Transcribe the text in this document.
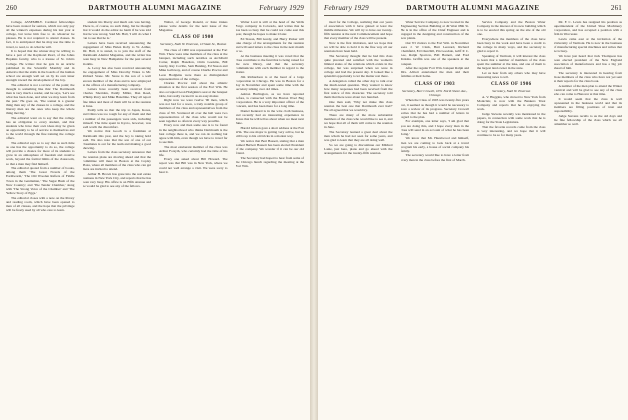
DARTMOUTH ALUMNI MAGAZINE
260	February 1929

College, ASSEMBLY. Cardinal fellowships have been created for seniors, which not only pay all the winner's expenses during his last year at college, but leave him free to do whatever he pleases. He is not required to attend classes. In fact, it is anticipated that he may use the time to travel, to read, to do what he will.

It is hoped that the winner may be willing to have a part of the Raymond Pearl, of the Johns Hopkins faculty, who is a trustee of St. John's College. He writes: that he gets in an article published in the Scientific Monthly and in America that the stalls in the boards of the human school are enough well set on by its own inner strength toward the development of the boy.

The editorial is not a review of the point; the thought is something like this: The Dartmouth man is very much a reader, and he says, 'Let's see what has been done, and what we may learn from the past.' He goes on, 'The sonnet is a greater thing than any of the classes in a college, and the literary men are the ones who keep the whole thing moving.'

The editorial went on to say that the college has an obligation to every student, and that students who have their own ideas may be given an opportunity to be of service to themselves and to the world through the fine training the college offers.

The editorial says so to say that as such time as one has the opportunity to do so, the college will provide a chance for more of its students to grow in an atmosphere of freedom and creative work, beyond the formal limits of the classroom, so that a man may find himself.

The editorial quoted from a number of books, among them 'The Great Novels of the Earthworm,' 'The Old Wooden Rafters of Fiddle Town in the Gentleman,' 'The Sugar Bush of the New Country,' and 'The Tender Chamber,' along with 'The Strong Voice of the Chamber' and 'The Yellow Story of Eggs.'

The editorial closes with a note on the library and reading room, which have been opened to men of all classes, and the hope that the privilege will be freely used by all who care to learn.

student his liberty and much ado was having. There is, of course, no such thing, but he thought that it would do the editor no harm if he was told that he was wrong. Said Mr. Hall, 'I will do what I can to see that he is.'

Letters have been received announcing the engagement of Miss Helen Roby to W. Arthur, Mr. Hall, it is stated, is to join the staff of the Dartmouth Alumni Magazine, and the writer has been busy in New Hampshire for the past several months.

A. Leroy has also been received announcing the engagement of Miss Dorothy Wales to Mr. Richard Stone. Mr. Stone is the son of a well known member of the class and is now employed in the offices of a manufacturing company.

Letters have recently been received from Charles Sheridan, Paddy Miller, Dan Reed, Whimp Perry and Mike Hazeltine. They all report fine times and most of them will be at the reunion in June.

Paddy tells us that the trip to Japan, Korea, and China was too rough for any of them and that a number of the passengers were sick, including himself. The time spent in Kyoto, however, was well worth the discomfort.

We notice that Gooch is a freshman at Dartmouth this year, and the boy is taking hold well. We also note that the son of one of our classmates is out for the team and making a good showing.

Letters from the class secretary announce that the reunion plans are moving ahead and that the committee will meet in Boston at the Copley Plaza, where all members of the class who can get there are invited to attend.

Arthur H. Brown has gone into the real estate business in New York City, and reports that he has been very busy. His office is on Fifth Avenue and he would be glad to see any of the fellows.

Walter, of George Ronald, or Kate Oakes please write details for the next issue of the Magazine.

CLASS OF 1900

Secretary, Nath W. Emerson, 10 State St., Boston

The class of 1900 was represented at the Fort Wm. There were nine members of the class at the banquet, including such notables as Archibald Carter, Ralph Hazelton, Orrin Gookins, Bill Gurdy, Ray Coville, Sam Bunting, Ed Sisson and Mike Galloway, and of course Charlie Proctor and Leon Hodgkins were there as distinguished representatives of the college.

Charles Proctor told about the athletic situation at the first session of the Fort Wm. He also occupied Leon Hodgkins's seat at the banquet table, but really vacated it as an easy matter.

Right now we were twelve '00 men, which was not bad for a noon, a truly notable group of members of the class and representatives from the class of '00. Scattered all over the hall were two representatives of the class who would not be seen together so often in every way possible.

Every now and then some one is to be found in the neighborhood who thinks Dartmouth is the best college there is, and we can do nothing but agree with him, even though we have to travel far to see him.

The most exuberant member of the class was Arthur Forsyth, who certainly had the time of his life.

Every one asked about Bill Howard. The report was that Bill was in New York, where we could not well arrange a visit. We were sorry to hear it.

Walter Lord is still at the head of the Wells Fargo company in Colorado, and writes that he has been so busy that he could not come east this year, though he hopes to make it later.

Ed Sisson, Bill Gurdy, and Harry Parker will take charge of the arrangements for the reunion and will send letters to the class in the next month or so.

At the business meeting it was voted that the class contribute to the fund that is being raised for the new library, and that the secretary communicate with each member in regard to the matter.

Jim Richardson is at the head of a large corporation in Chicago. He was in Boston for a day in November and spent some time with the secretary talking over old times.

Ashton Burlington, as we have reported before, is connected with the Boston Wool Bag Corporation. He is a very important officer of the concern, and has been there for a long time.

Daniel Kennard is in the wire cloth business, and recently had an interesting experience in Texas that he will tell us about when we meet next June.

Harold Gibson gave a short address at the Fort Wm. The one major is getting very active, but he still is up to his old tricks in a modest way.

We notice that Bert Bassett, stating that a man named Herbert Bassett has been elected President of the company. We wonder if it can be our old friend.

The Secretary had hoped to hear from some of the Chicago bunch regarding the meeting at the Fort Wm.

February 1929	DARTMOUTH ALUMNI MAGAZINE	261

tised for the College, realizing that our years of association with it have gained at least the middle milestone. We will try to have our twenty-fifth reunion at the next Commencement and hope that every member of the class will be present.

Now is the first invitation, and we hope that we will be able to hold it in the fine way all our reunions have been held.

The Secretary thought that he had this class quite placated and satisfied with the women's limited status of the relations which exists in the college, but was surprised when we were in college and had the present day. It looked like a splendid opportunity to let the matter rest there.

A delegation called the other day to talk over the much-tested question. They wanted to know how many responses had been received from the first notice of this character. The secretary told them that there were about two hundred.

One man said, 'Why not make this class reunion the best one that Dartmouth ever had?' We all agreed that we would try.

There are many of the more substantial members of the class who would like to see it, and we hope that all of them will come to the reunion in June.

The Secretary learned a great deal about the men whom he had not seen for some years, and was glad to learn that they are all doing well.

So we are going to discontinue our Mildred Lanie, just here, plans and go ahead with the arrangements for the twenty-fifth reunion.

Water Service Company, is now located in the Engineering Section Building at 49 West 68th St. He is in the office of the Chief Engineer and is engaged in the designing and construction of the new plants.

Our '03 visitors to the Fort Wm. in November were J. W. Clark, Burt Leonard, Richard Chamfield, Ed Churchill, Pin Goodale, Griff P. C. Lee, Ralph Sparrow, Bill Barnett, and Fred Perkins. Griffin was one of the speakers at the banquet.

After the regular Fort Wm. banquet Ralph and Mrs. Abbott entertained the men and their families at their home.

CLASS OF 1903

Secretary, Burt Crowell, 1051 North Shore Ave., Chicago

When the Class of 1903 was twenty-five years out, it seemed as though it would be necessary to have a review of its progress. Secretary Crowell writes that he has had a number of letters in regard to the plan.

For example, one letter says, 'I am glad that you are doing this, and I hope every man in the class will send in an account of what he has been doing.'

We know that Mr. Hazelwood and himself, then we are coming to look back at a travel program his early, a house of social company his family.

The secretary would like to have a letter from every man in the class before the first of March.

Service Company and the Boston Water Company in the interest of its new building which is to be erected this spring on the site of the old one.

Everywhere the members of the class have been busy in the work and have been a credit to the college in many ways, and the secretary is glad to report it.

Speaking of Vermont, it will interest the class to learn that a number of members of the class spent the summer at the lake, and one of them is the largest land owner in the state.

Let us hear from any others who may have interesting news to tell.

CLASS OF 1906

Secretary, Nath W. Emerson

A. V. Huggins, who moved to New York from Montclair, is now with the Bankers Trust Company and reports that he is enjoying the work.

Judge Stevens recently was mentioned in the papers, in connection with some work that he is doing for the State Legislature.

That the favorite records come from the class is very interesting, and we hope that it will continue to be so for many years.

Mr. F. C. Lewis has resigned his position as superintendent of the United Shoe Machinery Corporation, and has accepted a position with a firm in Worcester.

Lewis came east at the invitation of the University of Vermont. He is now in the business of manufacturing special machines and writes that he is busy.

We have just heard that Jack Thompson has been elected president of the New England association of manufacturers and has a big job ahead of him.

The secretary is interested in hearing from those members of the class who have not yet sent in their reports for the class book.

A number of the men plan to attend the Winter Carnival and will be glad to see any of the class who can come to Hanover at that time.

It would seem that the class is well represented in the business world and that its members are filling positions of trust and responsibility.

Judge Stevens recalls to us the old days and the fine fellowship of the class which we all remember so well.
